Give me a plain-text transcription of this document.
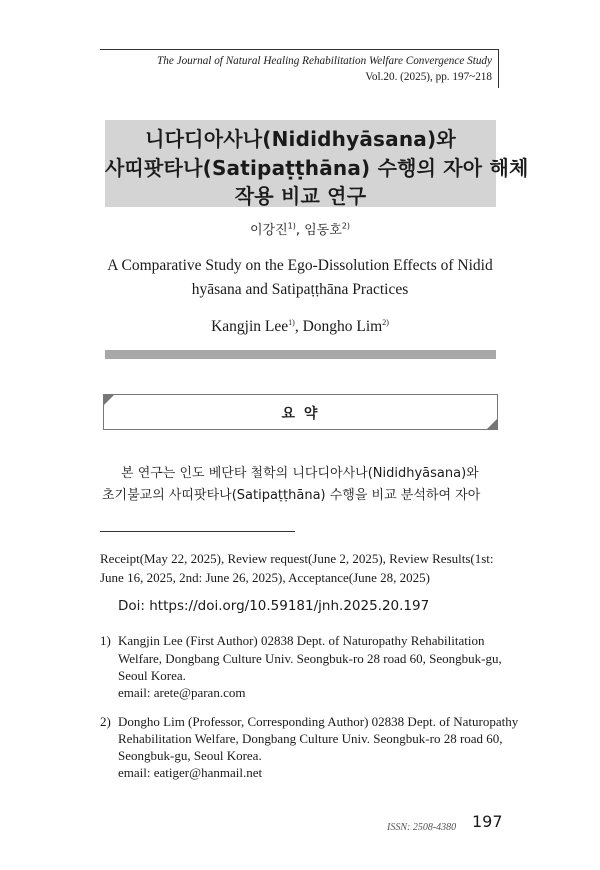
The Journal of Natural Healing Rehabilitation Welfare Convergence Study
Vol.20. (2025), pp. 197~218
니다디아사나(Nididhyāsana)와
사띠팟타나(Satipaṭṭhāna) 수행의 자아 해체
작용 비교 연구
이강진$^{1)}$, 임동호$^{2)}$
A Comparative Study on the Ego-Dissolution Effects of Nidid
hyāsana and Satipaṭṭhāna Practices
Kangjin Lee$^{1)}$, Dongho Lim$^{2)}$
요 약
본 연구는 인도 베단타 철학의 니다디아사나(Nididhyāsana)와
초기불교의 사띠팟타나(Satipaṭṭhāna) 수행을 비교 분석하여 자아
Receipt(May 22, 2025), Review request(June 2, 2025), Review Results(1st:
June 16, 2025, 2nd: June 26, 2025), Acceptance(June 28, 2025)
Doi: https://doi.org/10.59181/jnh.2025.20.197
1) Kangjin Lee (First Author) 02838 Dept. of Naturopathy Rehabilitation
Welfare, Dongbang Culture Univ. Seongbuk-ro 28 road 60, Seongbuk-gu,
Seoul Korea.
email: arete@paran.com
2) Dongho Lim (Professor, Corresponding Author) 02838 Dept. of Naturopathy
Rehabilitation Welfare, Dongbang Culture Univ. Seongbuk-ro 28 road 60,
Seongbuk-gu, Seoul Korea.
email: eatiger@hanmail.net
ISSN: 2508-4380 197
